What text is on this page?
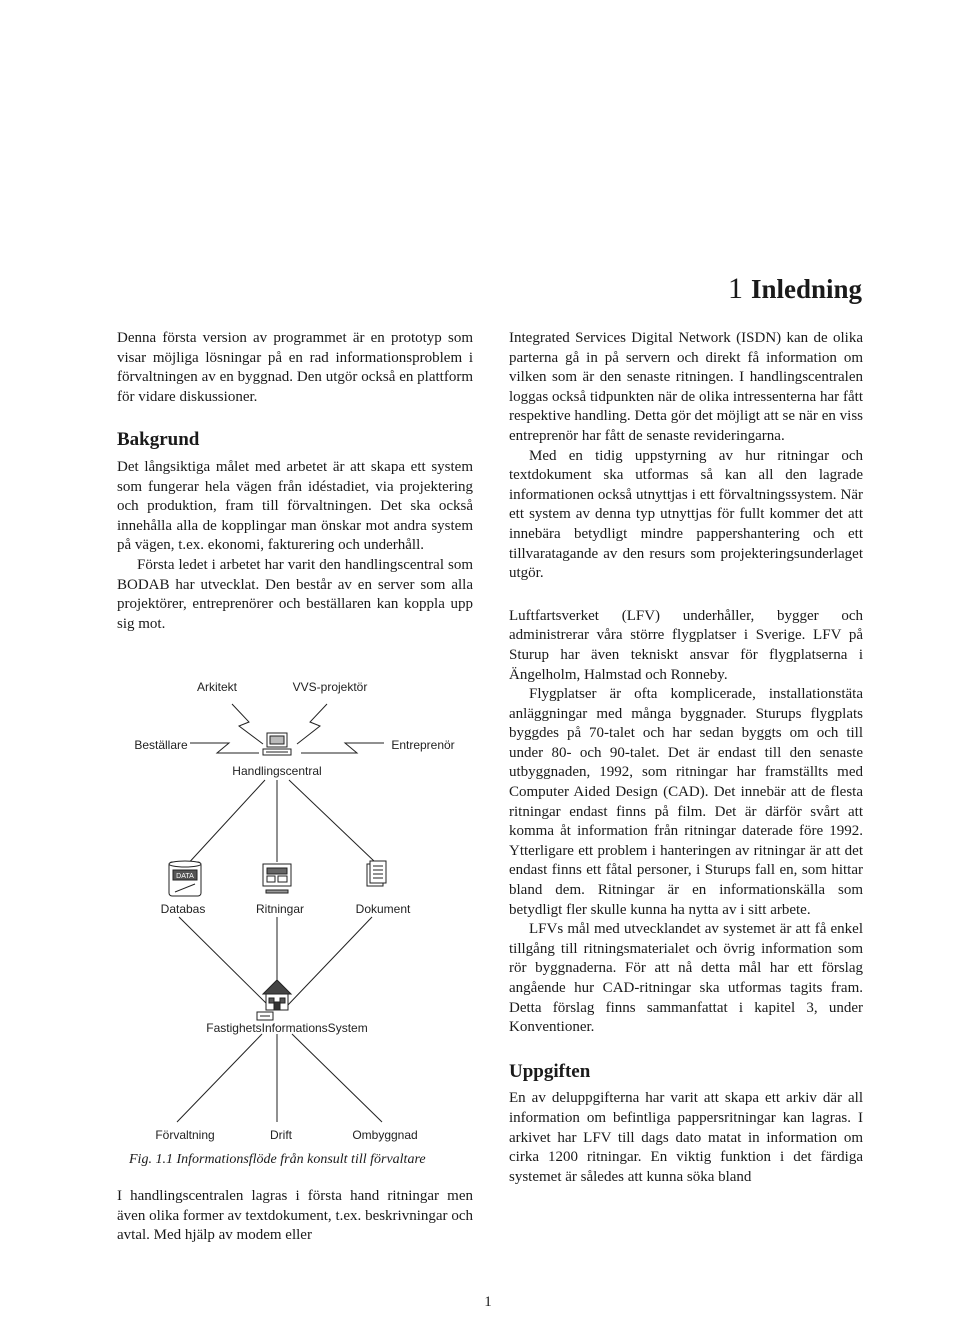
1 Inledning

Denna första version av programmet är en prototyp som visar möjliga lösningar på en rad informationsproblem i förvaltningen av en byggnad. Den utgör också en plattform för vidare diskussioner.

Bakgrund

Det långsiktiga målet med arbetet är att skapa ett system som fungerar hela vägen från idéstadiet, via projektering och produktion, fram till förvaltningen. Det ska också innehålla alla de kopplingar man önskar mot andra system på vägen, t.ex. ekonomi, fakturering och underhåll.

Första ledet i arbetet har varit den handlingscentral som BODAB har utvecklat. Den består av en server som alla projektörer, entreprenörer och beställaren kan koppla upp sig mot.

DATA
Arkitekt	VVS-projektör
Beställare	Entreprenör
Handlingscentral
Databas	Ritningar	Dokument
FastighetsInformationsSystem
Förvaltning	Drift	Ombyggnad

Fig. 1.1 Informationsflöde från konsult till förvaltare

I handlingscentralen lagras i första hand ritningar men även olika former av textdokument, t.ex. beskrivningar och avtal. Med hjälp av modem eller

Integrated Services Digital Network (ISDN) kan de olika parterna gå in på servern och direkt få information om vilken som är den senaste ritningen. I handlingscentralen loggas också tidpunkten när de olika intressenterna har fått respektive handling. Detta gör det möjligt att se när en viss entreprenör har fått de senaste revideringarna.

Med en tidig uppstyrning av hur ritningar och textdokument ska utformas så kan all den lagrade informationen också utnyttjas i ett förvaltningssystem. När ett system av denna typ utnyttjas för fullt kommer det att innebära betydligt mindre pappershantering och ett tillvaratagande av den resurs som projekteringsunderlaget utgör.

Luftfartsverket (LFV) underhåller, bygger och administrerar våra större flygplatser i Sverige. LFV på Sturup har även tekniskt ansvar för flygplatserna i Ängelholm, Halmstad och Ronneby.

Flygplatser är ofta komplicerade, installationstäta anläggningar med många byggnader. Sturups flygplats byggdes på 70-talet och har sedan byggts om och till under 80- och 90-talet. Det är endast till den senaste utbyggnaden, 1992, som ritningar har framställts med Computer Aided Design (CAD). Det innebär att de flesta ritningar endast finns på film. Det är därför svårt att komma åt information från ritningar daterade före 1992. Ytterligare ett problem i hanteringen av ritningar är att det endast finns ett fåtal personer, i Sturups fall en, som hittar bland dem. Ritningar är en informationskälla som betydligt fler skulle kunna ha nytta av i sitt arbete.

LFVs mål med utvecklandet av systemet är att få enkel tillgång till ritningsmaterialet och övrig information som rör byggnaderna. För att nå detta mål har ett förslag angående hur CAD-ritningar ska utformas tagits fram. Detta förslag finns sammanfattat i kapitel 3, under Konventioner.

Uppgiften

En av deluppgifterna har varit att skapa ett arkiv där all information om befintliga pappersritningar kan lagras. I arkivet har LFV till dags dato matat in information om cirka 1200 ritningar. En viktig funktion i det färdiga systemet är således att kunna söka bland

1
